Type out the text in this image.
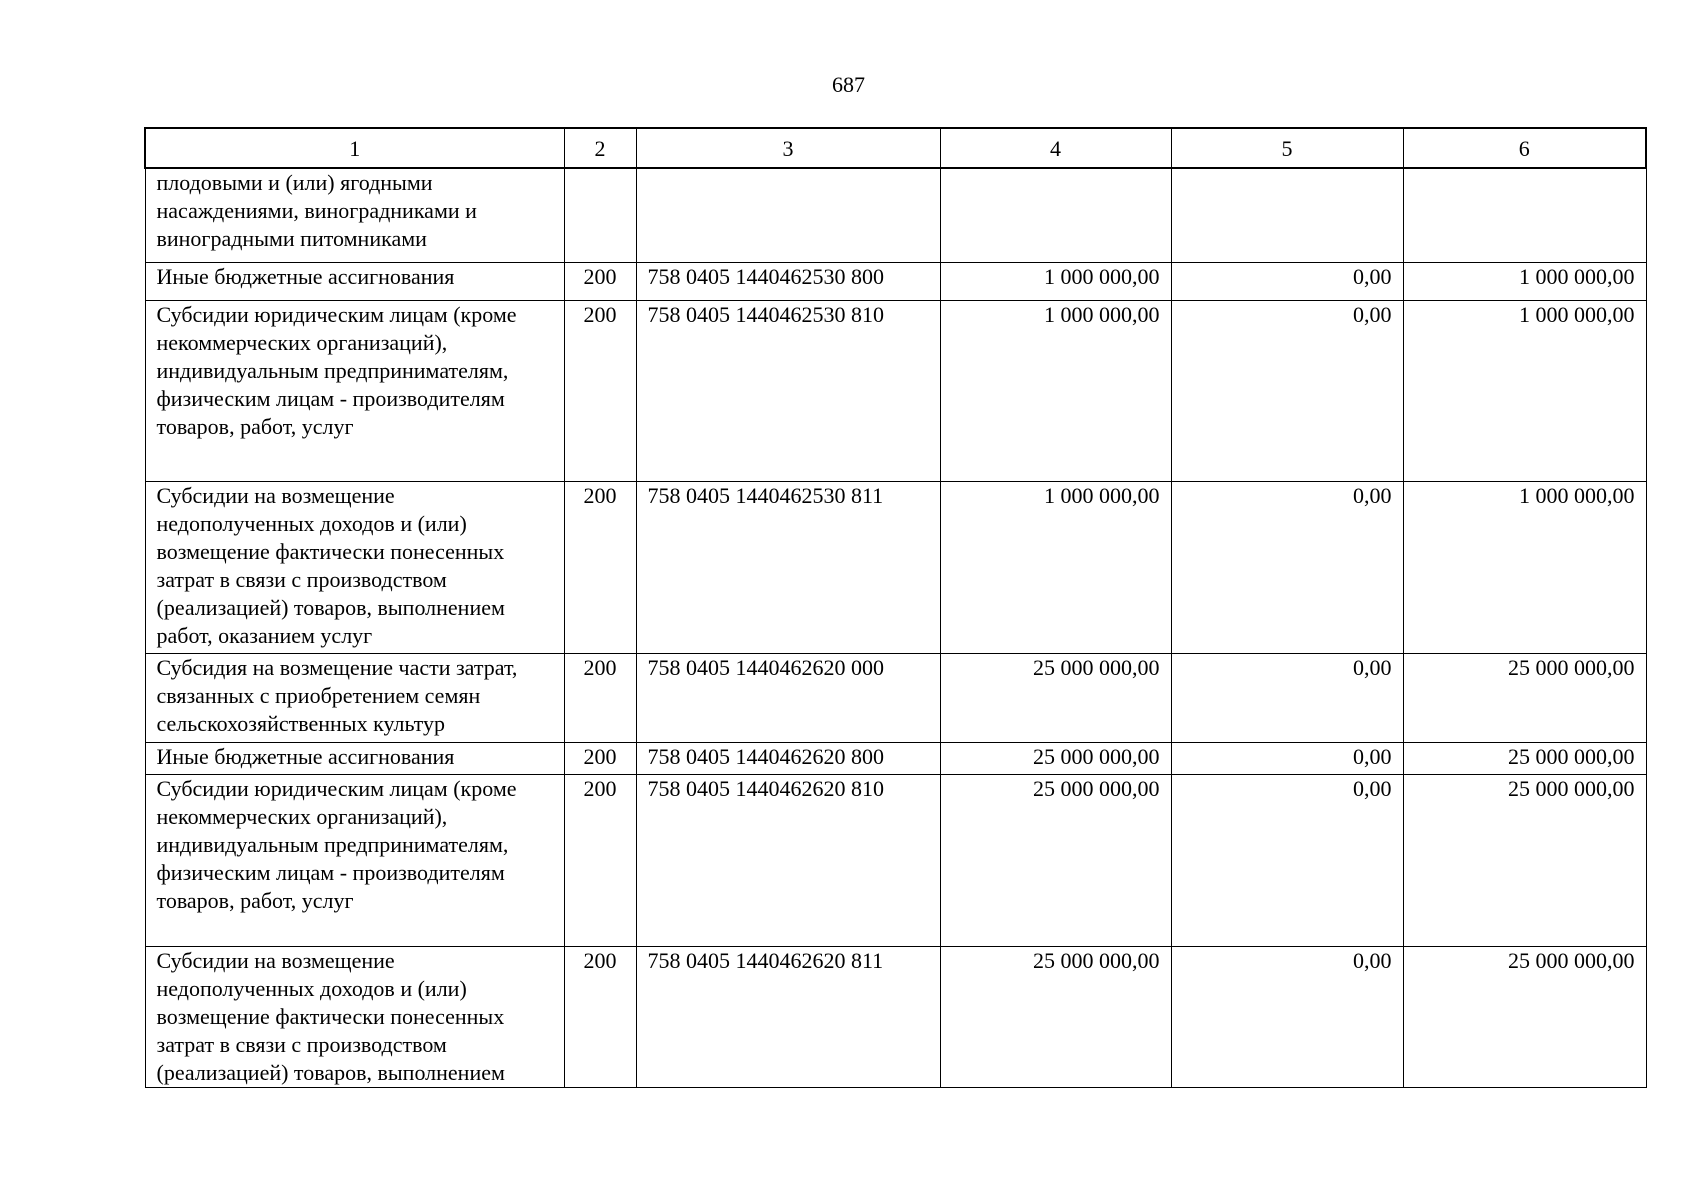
687
1	2	3	4	5	6
плодовыми и (или) ягодными насаждениями, виноградниками и виноградными питомниками					
Иные бюджетные ассигнования	200	758 0405 1440462530 800	1 000 000,00	0,00	1 000 000,00
Субсидии юридическим лицам (кроме некоммерческих организаций), индивидуальным предпринимателям, физическим лицам - производителям товаров, работ, услуг	200	758 0405 1440462530 810	1 000 000,00	0,00	1 000 000,00
Субсидии на возмещение недополученных доходов и (или) возмещение фактически понесенных затрат в связи с производством (реализацией) товаров, выполнением работ, оказанием услуг	200	758 0405 1440462530 811	1 000 000,00	0,00	1 000 000,00
Субсидия на возмещение части затрат, связанных с приобретением семян сельскохозяйственных культур	200	758 0405 1440462620 000	25 000 000,00	0,00	25 000 000,00
Иные бюджетные ассигнования	200	758 0405 1440462620 800	25 000 000,00	0,00	25 000 000,00
Субсидии юридическим лицам (кроме некоммерческих организаций), индивидуальным предпринимателям, физическим лицам - производителям товаров, работ, услуг	200	758 0405 1440462620 810	25 000 000,00	0,00	25 000 000,00
Субсидии на возмещение недополученных доходов и (или) возмещение фактически понесенных затрат в связи с производством (реализацией) товаров, выполнением	200	758 0405 1440462620 811	25 000 000,00	0,00	25 000 000,00
